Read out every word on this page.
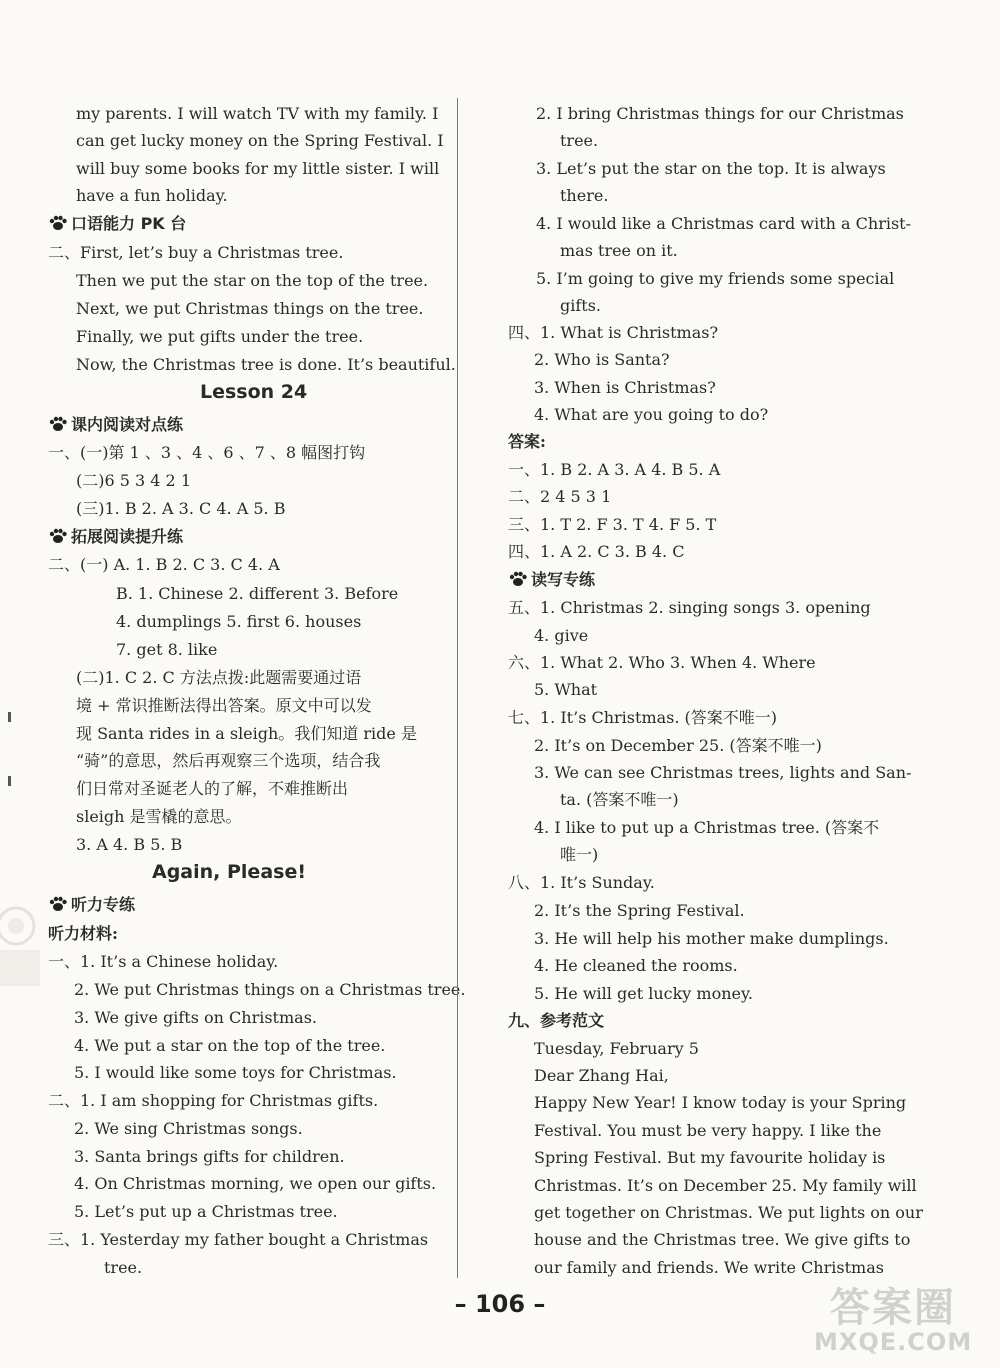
my parents. I will watch TV with my family. I
can get lucky money on the Spring Festival. I
will buy some books for my little sister. I will
have a fun holiday.
口语能力 PK 台
二、First, let’s buy a Christmas tree.
Then we put the star on the top of the tree.
Next, we put Christmas things on the tree.
Finally, we put gifts under the tree.
Now, the Christmas tree is done. It’s beautiful.
Lesson 24
课内阅读对点练
一、(一)第 1 、3 、4 、6 、7 、8 幅图打钩
(二)6 5 3 4 2 1
(三)1. B 2. A 3. C 4. A 5. B
拓展阅读提升练
二、(一) A. 1. B 2. C 3. C 4. A
B. 1. Chinese 2. different 3. Before
4. dumplings 5. first 6. houses
7. get 8. like
(二)1. C 2. C 方法点拨:此题需要通过语
境 + 常识推断法得出答案。原文中可以发
现 Santa rides in a sleigh。我们知道 ride 是
“骑”的意思，然后再观察三个选项，结合我
们日常对圣诞老人的了解，不难推断出
sleigh 是雪橇的意思。
3. A 4. B 5. B
Again, Please!
听力专练
听力材料:
一、1. It’s a Chinese holiday.
2. We put Christmas things on a Christmas tree.
3. We give gifts on Christmas.
4. We put a star on the top of the tree.
5. I would like some toys for Christmas.
二、1. I am shopping for Christmas gifts.
2. We sing Christmas songs.
3. Santa brings gifts for children.
4. On Christmas morning, we open our gifts.
5. Let’s put up a Christmas tree.
三、1. Yesterday my father bought a Christmas
tree.
2. I bring Christmas things for our Christmas
tree.
3. Let’s put the star on the top. It is always
there.
4. I would like a Christmas card with a Christ-
mas tree on it.
5. I’m going to give my friends some special
gifts.
四、1. What is Christmas?
2. Who is Santa?
3. When is Christmas?
4. What are you going to do?
答案:
一、1. B 2. A 3. A 4. B 5. A
二、2 4 5 3 1
三、1. T 2. F 3. T 4. F 5. T
四、1. A 2. C 3. B 4. C
读写专练
五、1. Christmas 2. singing songs 3. opening
4. give
六、1. What 2. Who 3. When 4. Where
5. What
七、1. It’s Christmas. (答案不唯一)
2. It’s on December 25. (答案不唯一)
3. We can see Christmas trees, lights and San-
ta. (答案不唯一)
4. I like to put up a Christmas tree. (答案不
唯一)
八、1. It’s Sunday.
2. It’s the Spring Festival.
3. He will help his mother make dumplings.
4. He cleaned the rooms.
5. He will get lucky money.
九、参考范文
Tuesday, February 5
Dear Zhang Hai,
Happy New Year! I know today is your Spring
Festival. You must be very happy. I like the
Spring Festival. But my favourite holiday is
Christmas. It’s on December 25. My family will
get together on Christmas. We put lights on our
house and the Christmas tree. We give gifts to
our family and friends. We write Christmas
– 106 –	答案圈
MXQE.COM
